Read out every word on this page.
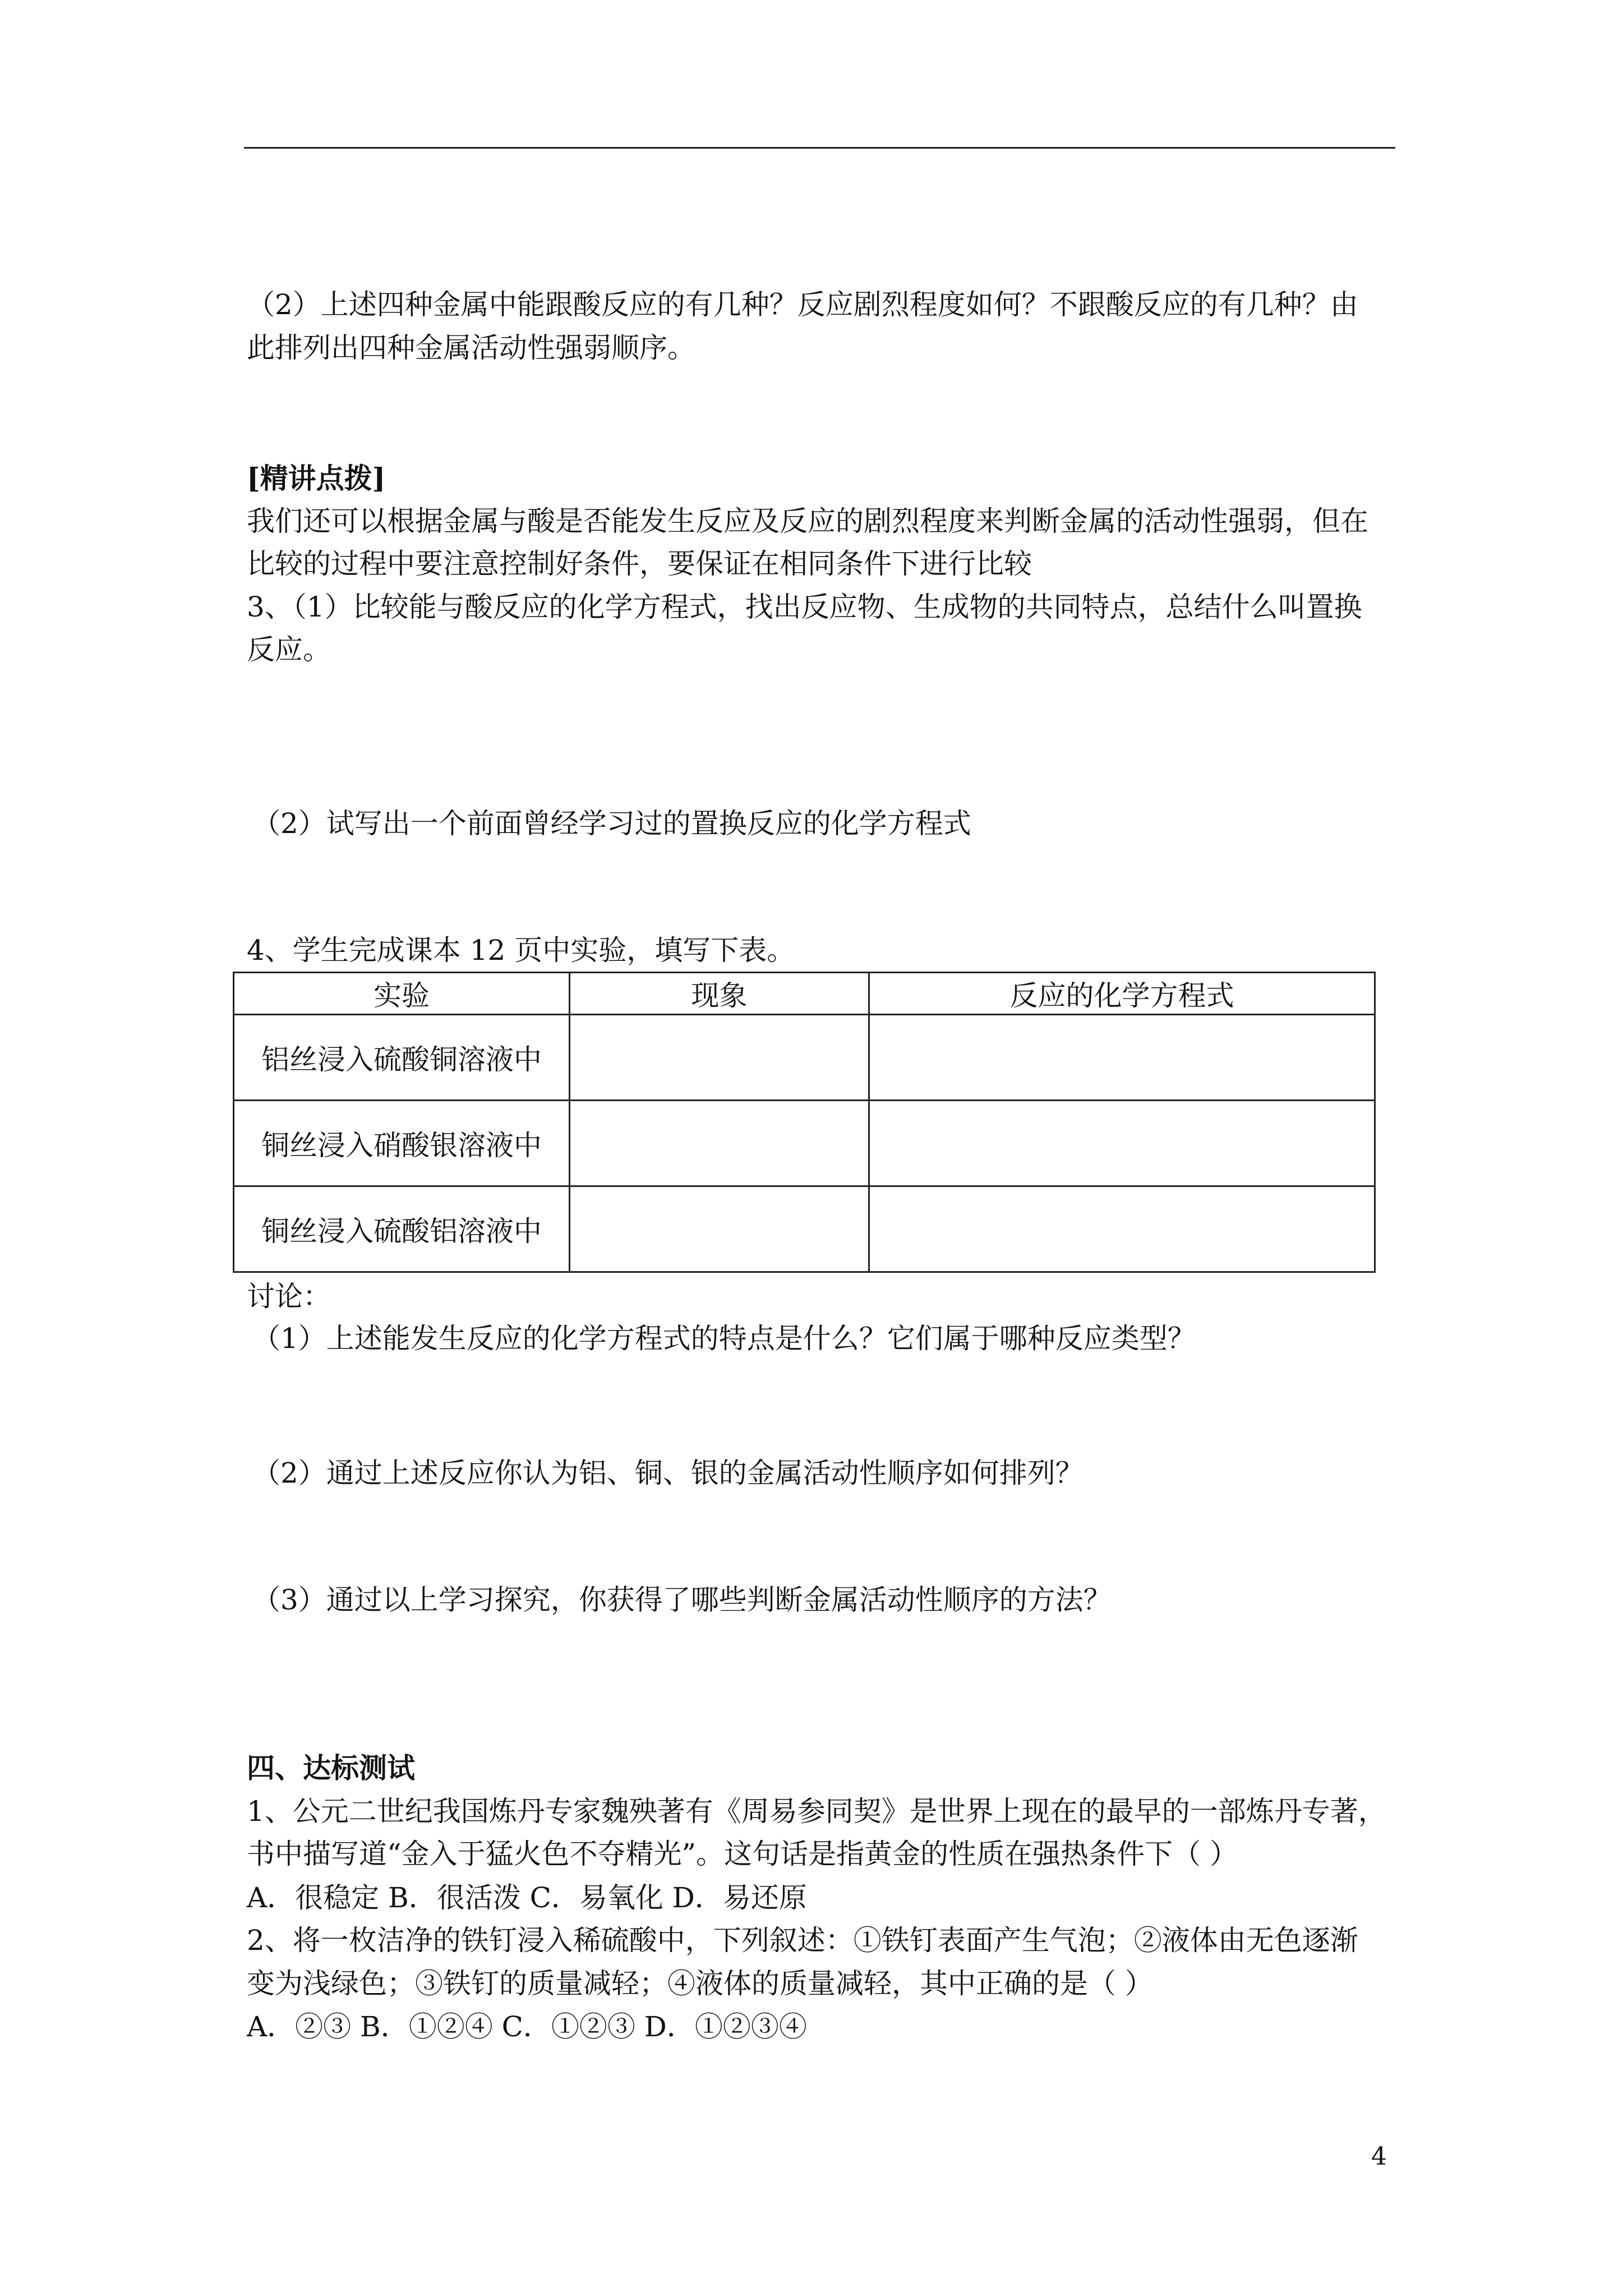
（2）上述四种金属中能跟酸反应的有几种？反应剧烈程度如何？不跟酸反应的有几种？由
此排列出四种金属活动性强弱顺序。
[精讲点拨]
我们还可以根据金属与酸是否能发生反应及反应的剧烈程度来判断金属的活动性强弱，但在
比较的过程中要注意控制好条件，要保证在相同条件下进行比较
3、（1）比较能与酸反应的化学方程式，找出反应物、生成物的共同特点，总结什么叫置换
反应。
（2）试写出一个前面曾经学习过的置换反应的化学方程式
4、学生完成课本 12 页中实验，填写下表。
实验	现象	反应的化学方程式
铝丝浸入硫酸铜溶液中		
铜丝浸入硝酸银溶液中		
铜丝浸入硫酸铝溶液中		
讨论：
（1）上述能发生反应的化学方程式的特点是什么？它们属于哪种反应类型？
（2）通过上述反应你认为铝、铜、银的金属活动性顺序如何排列？
（3）通过以上学习探究，你获得了哪些判断金属活动性顺序的方法？
四、达标测试
1、公元二世纪我国炼丹专家魏殃著有《周易参同契》是世界上现在的最早的一部炼丹专著，
书中描写道“金入于猛火色不夺精光”。这句话是指黄金的性质在强热条件下（ ）
A．很稳定 B．很活泼 C．易氧化 D．易还原
2、将一枚洁净的铁钉浸入稀硫酸中，下列叙述：①铁钉表面产生气泡；②液体由无色逐渐
变为浅绿色；③铁钉的质量减轻；④液体的质量减轻，其中正确的是（ ）
A．②③ B．①②④ C．①②③ D．①②③④
4
